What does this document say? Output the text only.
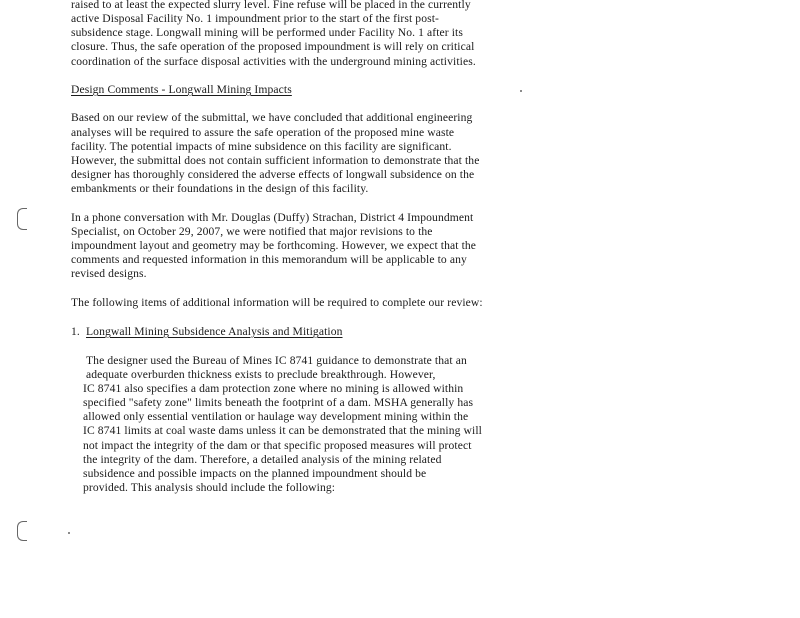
raised to at least the expected slurry level. Fine refuse will be placed in the currently
active Disposal Facility No. 1 impoundment prior to the start of the first post-
subsidence stage. Longwall mining will be performed under Facility No. 1 after its
closure. Thus, the safe operation of the proposed impoundment is will rely on critical
coordination of the surface disposal activities with the underground mining activities.
Design Comments - Longwall Mining Impacts
Based on our review of the submittal, we have concluded that additional engineering
analyses will be required to assure the safe operation of the proposed mine waste
facility. The potential impacts of mine subsidence on this facility are significant.
However, the submittal does not contain sufficient information to demonstrate that the
designer has thoroughly considered the adverse effects of longwall subsidence on the
embankments or their foundations in the design of this facility.
In a phone conversation with Mr. Douglas (Duffy) Strachan, District 4 Impoundment
Specialist, on October 29, 2007, we were notified that major revisions to the
impoundment layout and geometry may be forthcoming. However, we expect that the
comments and requested information in this memorandum will be applicable to any
revised designs.
The following items of additional information will be required to complete our review:
1. Longwall Mining Subsidence Analysis and Mitigation
The designer used the Bureau of Mines IC 8741 guidance to demonstrate that an
adequate overburden thickness exists to preclude breakthrough. However,
IC 8741 also specifies a dam protection zone where no mining is allowed within
specified "safety zone" limits beneath the footprint of a dam. MSHA generally has
allowed only essential ventilation or haulage way development mining within the
IC 8741 limits at coal waste dams unless it can be demonstrated that the mining will
not impact the integrity of the dam or that specific proposed measures will protect
the integrity of the dam. Therefore, a detailed analysis of the mining related
subsidence and possible impacts on the planned impoundment should be
provided. This analysis should include the following:
